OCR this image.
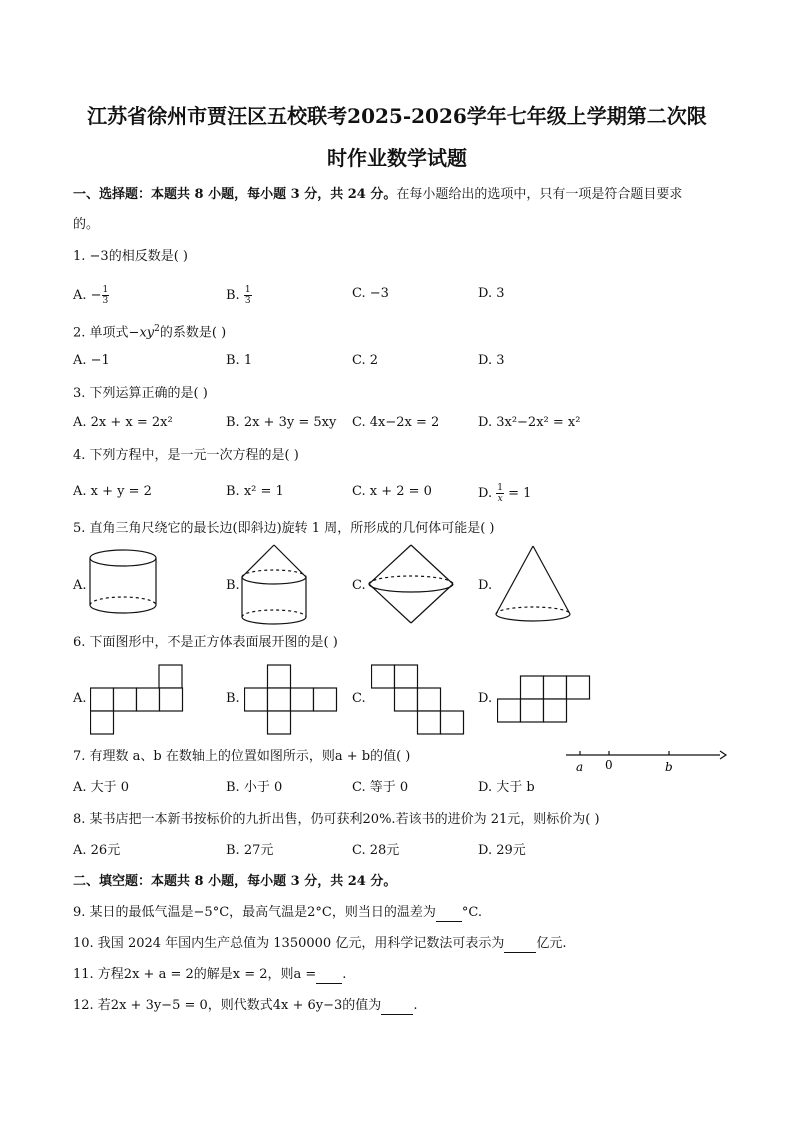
江苏省徐州市贾汪区五校联考2025-2026学年七年级上学期第二次限
时作业数学试题
一、选择题：本题共 8 小题，每小题 3 分，共 24 分。在每小题给出的选项中，只有一项是符合题目要求
的。
1. −3的相反数是( )
A. − $\frac{1}{3}$	B. $\frac{1}{3}$	C. −3	D. 3
2. 单项式$-xy^2$的系数是( )
A. −1	B. 1	C. 2	D. 3
3. 下列运算正确的是( )
A. 2x + x = 2x²	B. 2x + 3y = 5xy C. 4x−2x = 2	D. 3x²−2x² = x²
4. 下列方程中，是一元一次方程的是( )
A. x + y = 2	B. x² = 1	C. x + 2 = 0	D. $\frac{1}{x} = 1$
5. 直角三角尺绕它的最长边(即斜边)旋转 1 周，所形成的几何体可能是( )
A.	B.	C.	D.
6. 下面图形中，不是正方体表面展开图的是( )
A.	B.	C.	D.
7. 有理数 a、b 在数轴上的位置如图所示，则a + b的值( )
a 0	b
A. 大于 0	B. 小于 0	C. 等于 0	D. 大于 b
8. 某书店把一本新书按标价的九折出售，仍可获利20%.若该书的进价为 21元，则标价为( )
A. 26元	B. 27元	C. 28元	D. 29元
二、填空题：本题共 8 小题，每小题 3 分，共 24 分。
9. 某日的最低气温是−5°C，最高气温是2°C，则当日的温差为 °C.
10. 我国 2024 年国内生产总值为 1350000 亿元，用科学记数法可表示为 亿元.
11. 方程2x + a = 2的解是x = 2，则a = .
12. 若2x + 3y−5 = 0，则代数式4x + 6y−3的值为 .
